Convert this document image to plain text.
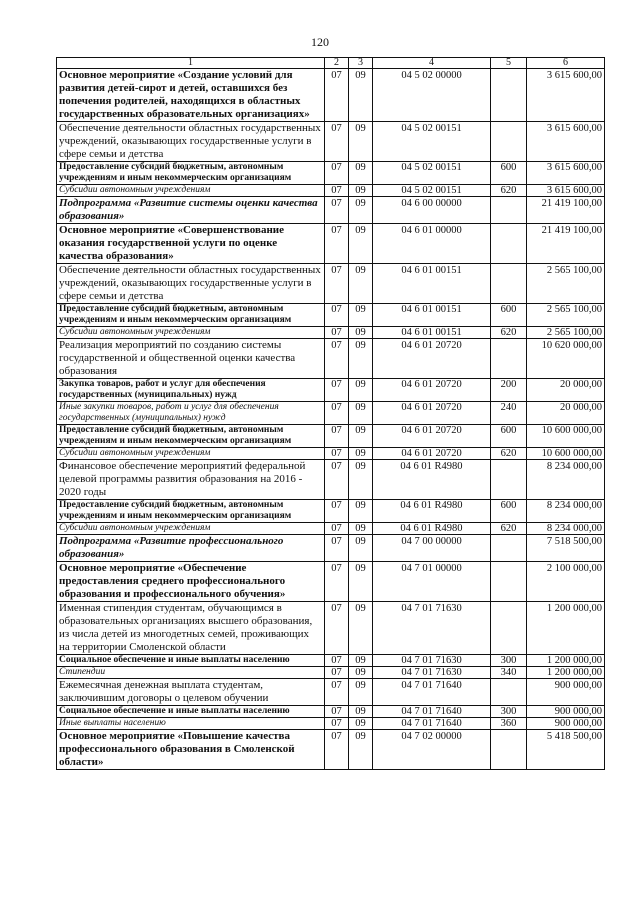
120
1	2	3	4	5	6
Основное мероприятие «Создание условий для развития детей-сирот и детей, оставшихся без попечения родителей, находящихся в областных государственных образовательных организациях»	07	09	04 5 02 00000		3 615 600,00
Обеспечение деятельности областных государственных учреждений, оказывающих государственные услуги в сфере семьи и детства	07	09	04 5 02 00151		3 615 600,00
Предоставление субсидий бюджетным, автономным учреждениям и иным некоммерческим организациям	07	09	04 5 02 00151	600	3 615 600,00
Субсидии автономным учреждениям	07	09	04 5 02 00151	620	3 615 600,00
Подпрограмма «Развитие системы оценки качества образования»	07	09	04 6 00 00000		21 419 100,00
Основное мероприятие «Совершенствование оказания государственной услуги по оценке качества образования»	07	09	04 6 01 00000		21 419 100,00
Обеспечение деятельности областных государственных учреждений, оказывающих государственные услуги в сфере семьи и детства	07	09	04 6 01 00151		2 565 100,00
Предоставление субсидий бюджетным, автономным учреждениям и иным некоммерческим организациям	07	09	04 6 01 00151	600	2 565 100,00
Субсидии автономным учреждениям	07	09	04 6 01 00151	620	2 565 100,00
Реализация мероприятий по созданию системы государственной и общественной оценки качества образования	07	09	04 6 01 20720		10 620 000,00
Закупка товаров, работ и услуг для обеспечения государственных (муниципальных) нужд	07	09	04 6 01 20720	200	20 000,00
Иные закупки товаров, работ и услуг для обеспечения государственных (муниципальных) нужд	07	09	04 6 01 20720	240	20 000,00
Предоставление субсидий бюджетным, автономным учреждениям и иным некоммерческим организациям	07	09	04 6 01 20720	600	10 600 000,00
Субсидии автономным учреждениям	07	09	04 6 01 20720	620	10 600 000,00
Финансовое обеспечение мероприятий федеральной целевой программы развития образования на 2016 - 2020 годы	07	09	04 6 01 R4980		8 234 000,00
Предоставление субсидий бюджетным, автономным учреждениям и иным некоммерческим организациям	07	09	04 6 01 R4980	600	8 234 000,00
Субсидии автономным учреждениям	07	09	04 6 01 R4980	620	8 234 000,00
Подпрограмма «Развитие профессионального образования»	07	09	04 7 00 00000		7 518 500,00
Основное мероприятие «Обеспечение предоставления среднего профессионального образования и профессионального обучения»	07	09	04 7 01 00000		2 100 000,00
Именная стипендия студентам, обучающимся в образовательных организациях высшего образования, из числа детей из многодетных семей, проживающих на территории Смоленской области	07	09	04 7 01 71630		1 200 000,00
Социальное обеспечение и иные выплаты населению	07	09	04 7 01 71630	300	1 200 000,00
Стипендии	07	09	04 7 01 71630	340	1 200 000,00
Ежемесячная денежная выплата студентам, заключившим договоры о целевом обучении	07	09	04 7 01 71640		900 000,00
Социальное обеспечение и иные выплаты населению	07	09	04 7 01 71640	300	900 000,00
Иные выплаты населению	07	09	04 7 01 71640	360	900 000,00
Основное мероприятие «Повышение качества профессионального образования в Смоленской области»	07	09	04 7 02 00000		5 418 500,00
